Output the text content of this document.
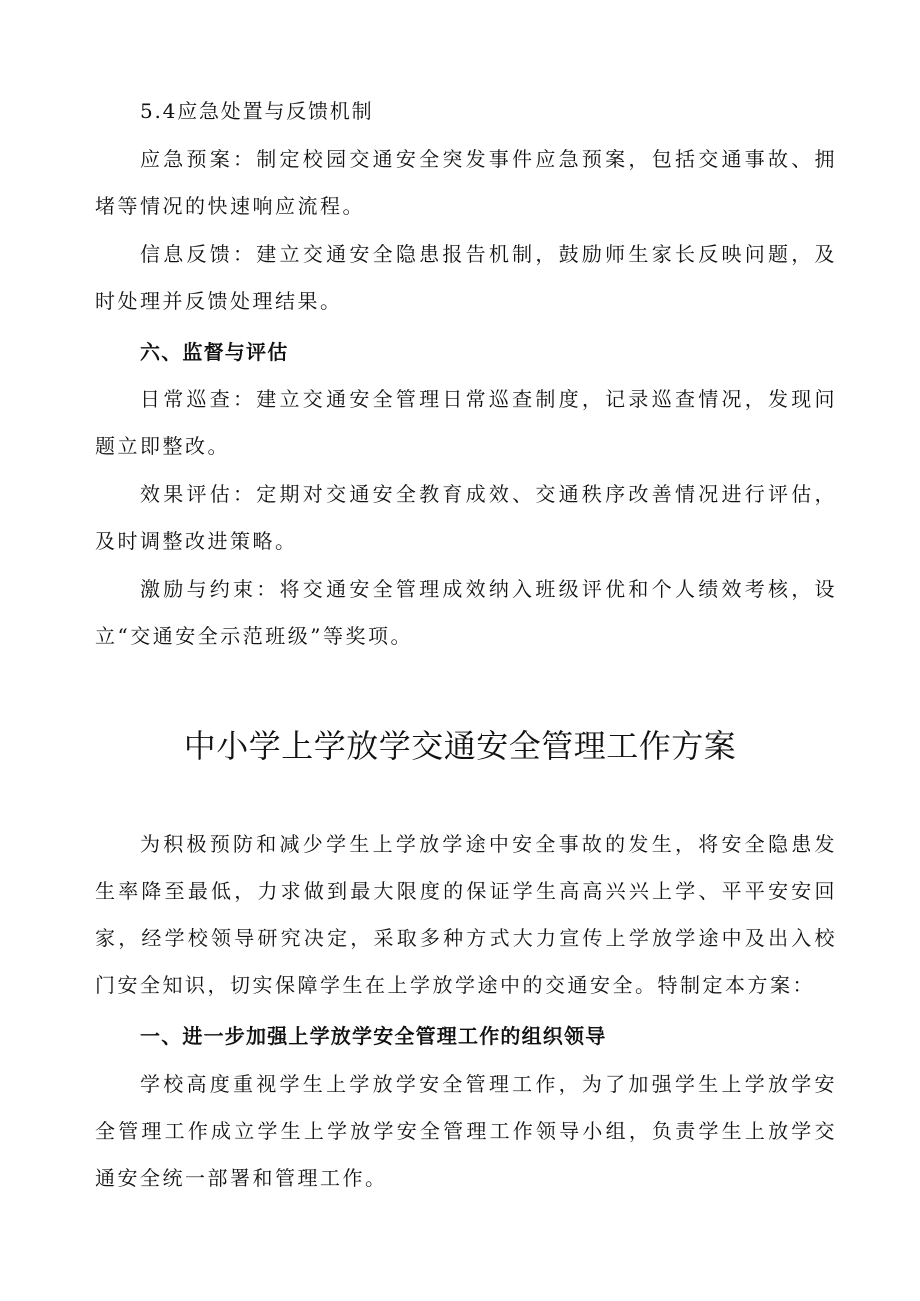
5.4应急处置与反馈机制

应急预案：制定校园交通安全突发事件应急预案，包括交通事故、拥堵等情况的快速响应流程。

信息反馈：建立交通安全隐患报告机制，鼓励师生家长反映问题，及时处理并反馈处理结果。

六、监督与评估

日常巡查：建立交通安全管理日常巡查制度，记录巡查情况，发现问题立即整改。

效果评估：定期对交通安全教育成效、交通秩序改善情况进行评估，及时调整改进策略。

激励与约束：将交通安全管理成效纳入班级评优和个人绩效考核，设立“交通安全示范班级”等奖项。

中小学上学放学交通安全管理工作方案

为积极预防和减少学生上学放学途中安全事故的发生，将安全隐患发生率降至最低，力求做到最大限度的保证学生高高兴兴上学、平平安安回家，经学校领导研究决定，采取多种方式大力宣传上学放学途中及出入校门安全知识，切实保障学生在上学放学途中的交通安全。特制定本方案：

一、进一步加强上学放学安全管理工作的组织领导

学校高度重视学生上学放学安全管理工作，为了加强学生上学放学安全管理工作成立学生上学放学安全管理工作领导小组，负责学生上放学交通安全统一部署和管理工作。
